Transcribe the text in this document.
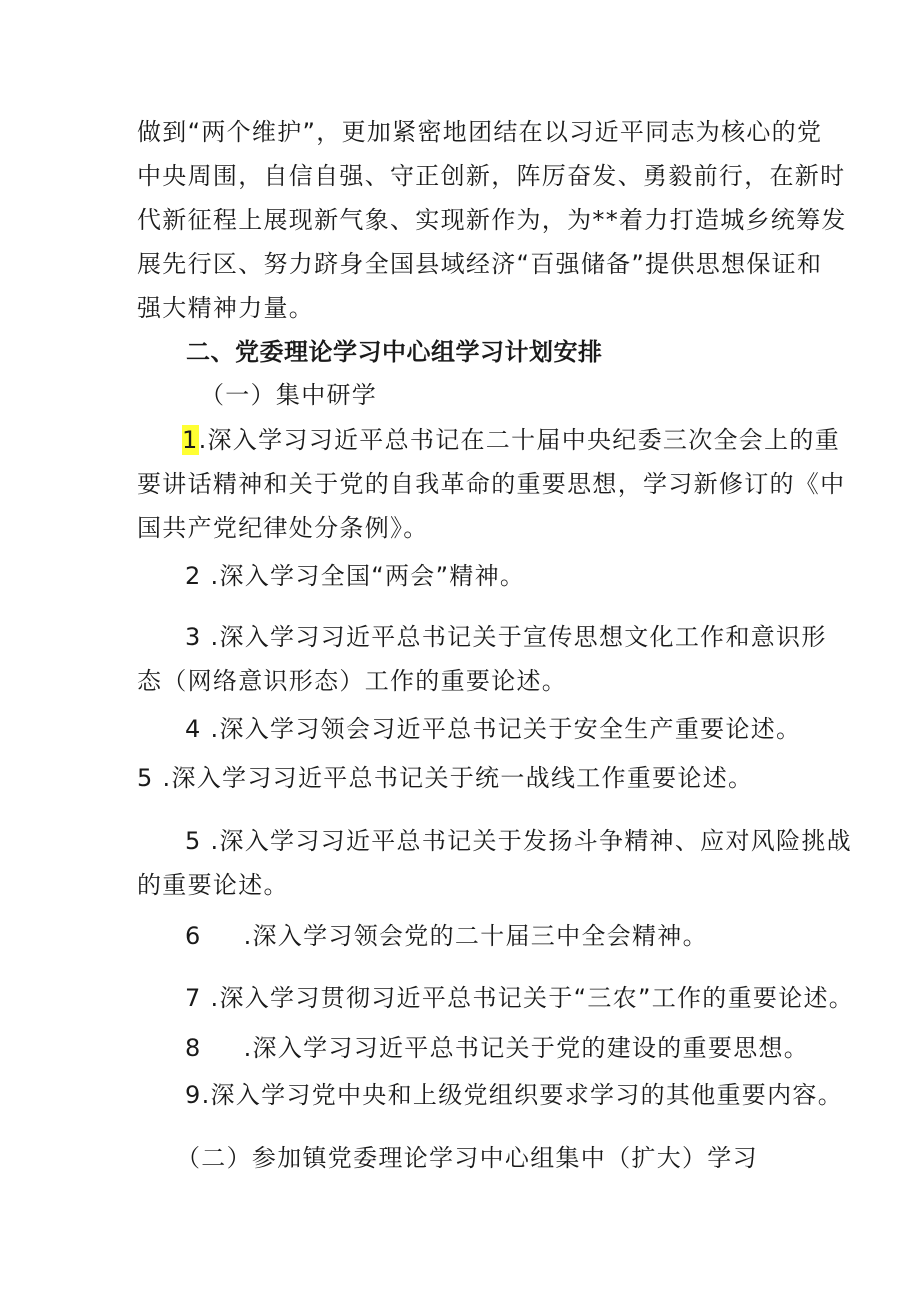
做到“两个维护”，更加紧密地团结在以习近平同志为核心的党
中央周围，自信自强、守正创新，阵厉奋发、勇毅前行，在新时
代新征程上展现新气象、实现新作为，为**着力打造城乡统筹发
展先行区、努力跻身全国县域经济“百强储备”提供思想保证和
强大精神力量。
二、党委理论学习中心组学习计划安排
（一）集中研学
1.深入学习习近平总书记在二十届中央纪委三次全会上的重
要讲话精神和关于党的自我革命的重要思想，学习新修订的《中
国共产党纪律处分条例》。
2 .深入学习全国“两会”精神。
3 .深入学习习近平总书记关于宣传思想文化工作和意识形
态（网络意识形态）工作的重要论述。
4 .深入学习领会习近平总书记关于安全生产重要论述。
5 .深入学习习近平总书记关于统一战线工作重要论述。
5 .深入学习习近平总书记关于发扬斗争精神、应对风险挑战
的重要论述。
6 .深入学习领会党的二十届三中全会精神。
7 .深入学习贯彻习近平总书记关于“三农”工作的重要论述。
8 .深入学习习近平总书记关于党的建设的重要思想。
9.深入学习党中央和上级党组织要求学习的其他重要内容。
（二）参加镇党委理论学习中心组集中（扩大）学习
